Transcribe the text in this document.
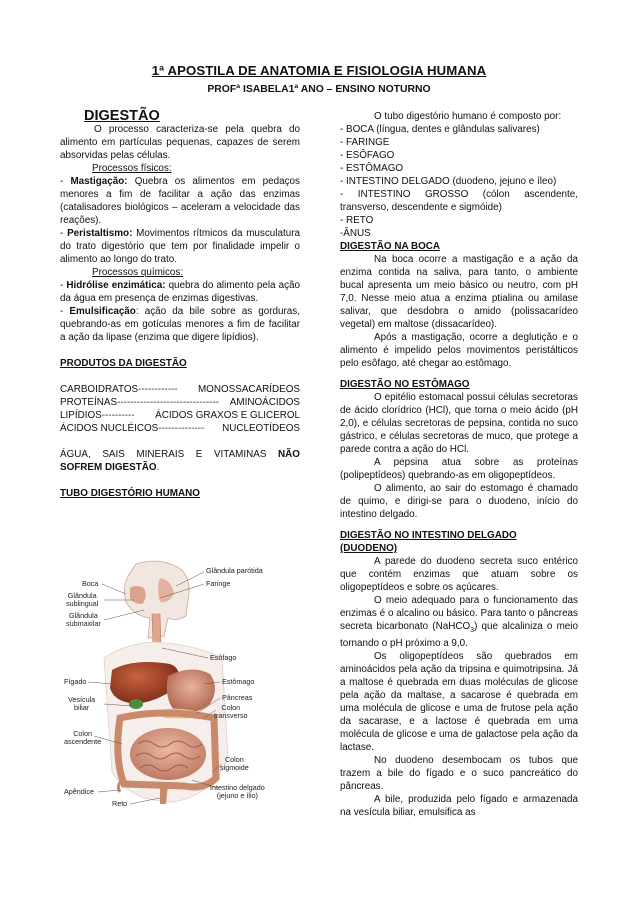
1ª APOSTILA DE ANATOMIA E FISIOLOGIA HUMANA
PROFª ISABELA1ª ANO – ENSINO NOTURNO

DIGESTÃO

O processo caracteriza-se pela quebra do alimento em partículas pequenas, capazes de serem absorvidas pelas células.

Processos físicos:

- Mastigação: Quebra os alimentos em pedaços menores a fim de facilitar a ação das enzimas (catalisadores biológicos – aceleram a velocidade das reações).

- Peristaltismo: Movimentos rítmicos da musculatura do trato digestório que tem por finalidade impelir o alimento ao longo do trato.

Processos químicos:

- Hidrólise enzimática: quebra do alimento pela ação da água em presença de enzimas digestivas.

- Emulsificação: ação da bile sobre as gorduras, quebrando-as em gotículas menores a fim de facilitar a ação da lipase (enzima que digere lipídios).

PRODUTOS DA DIGESTÃO

CARBOIDRATOS ------------	MONOSSACARÍDEOS
PROTEÍNAS -------------------------------	AMINOÁCIDOS
LIPÍDIOS ----------	ÁCIDOS GRAXOS E GLICEROL
ÁCIDOS NUCLÉICOS --------------	NUCLEOTÍDEOS

ÁGUA, SAIS MINERAIS E VITAMINAS NÃO SOFREM DIGESTÃO.

TUBO DIGESTÓRIO HUMANO

Glândula parótida
Boca	Faringe
Glândula
sublingual
Glândula
submaxilar
Esôfago
Fígado	Estômago
Vesícula
biliar
Pâncreas
Colon
transverso
Colon
ascendente
Colon
sigmoide
Apêndice	Intestino delgado
(jejuno e ílio)
Reto

O tubo digestório humano é composto por:

- BOCA (língua, dentes e glândulas salivares)

- FARINGE

- ESÔFAGO

- ESTÔMAGO

- INTESTINO DELGADO (duodeno, jejuno e íleo)

- INTESTINO GROSSO (cólon ascendente, transverso, descendente e sigmóide)

- RETO

-ÂNUS

DIGESTÃO NA BOCA

Na boca ocorre a mastigação e a ação da enzima contida na saliva, para tanto, o ambiente bucal apresenta um meio básico ou neutro, com pH 7,0. Nesse meio atua a enzima ptialina ou amilase salivar, que desdobra o amido (polissacarídeo vegetal) em maltose (dissacarídeo).

Após a mastigação, ocorre a deglutição e o alimento é impelido pelos movimentos peristálticos pelo esôfago, até chegar ao estômago.

DIGESTÃO NO ESTÔMAGO

O epitélio estomacal possui células secretoras de ácido clorídrico (HCl), que torna o meio ácido (pH 2,0), e células secretoras de pepsina, contida no suco gástrico, e células secretoras de muco, que protege a parede contra a ação do HCl.

A pepsina atua sobre as proteínas (polipeptídeos) quebrando-as em oligopeptídeos.

O alimento, ao sair do estomago é chamado de quimo, e dirigi-se para o duodeno, início do intestino delgado.

DIGESTÃO NO INTESTINO DELGADO

(DUODENO)

A parede do duodeno secreta suco entérico que contém enzimas que atuam sobre os oligopeptídeos e sobre os açúcares.

O meio adequado para o funcionamento das enzimas é o alcalino ou básico. Para tanto o pâncreas secreta bicarbonato (NaHCO$_3$) que alcaliniza o meio tornando o pH próximo a 9,0.

Os oligopeptídeos são quebrados em aminoácidos pela ação da tripsina e quimotripsina. Já a maltose é quebrada em duas moléculas de glicose pela ação da maltase, a sacarose é quebrada em uma molécula de glicose e uma de frutose pela ação da sacarase, e a lactose é quebrada em uma molécula de glicose e uma de galactose pela ação da lactase.

No duodeno desembocam os tubos que trazem a bile do fígado e o suco pancreático do pâncreas.

A bile, produzida pelo fígado e armazenada na vesícula biliar, emulsifica as
